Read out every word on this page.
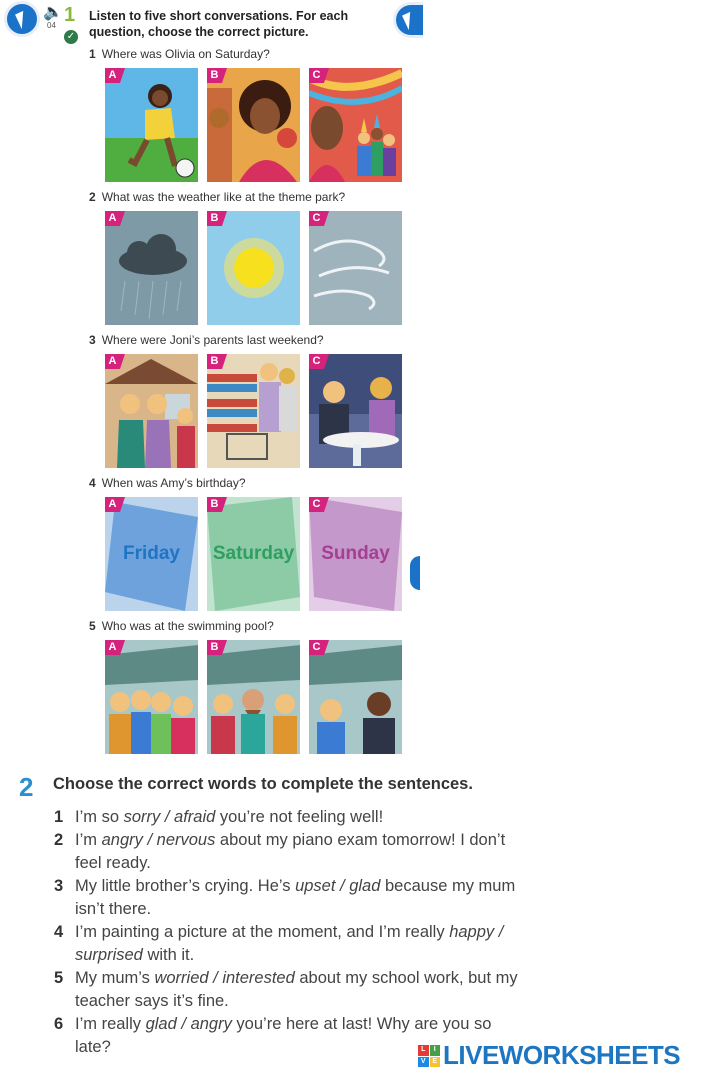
🔈
04 1
✓
Listen to five short conversations. For each
question, choose the correct picture.
1 Where was Olivia on Saturday?
2 What was the weather like at the theme park?
3 Where were Joni’s parents last weekend?
4 When was Amy’s birthday?
5 Who was at the swimming pool?
A	B	C
A	B	C
A	B	C
A
Friday
B
Saturday
C
Sunday
A	B	C
2 Choose the correct words to complete the sentences.
1 I’m so sorry / afraid you’re not feeling well!
2 I’m angry / nervous about my piano exam tomorrow! I don’t feel ready.
3 My little brother’s crying. He’s upset / glad because my mum isn’t there.
4 I’m painting a picture at the moment, and I’m really happy / surprised with it.
5 My mum’s worried / interested about my school work, but my teacher says it’s fine.
6 I’m really glad / angry you’re here at last! Why are you so late?	L	I
V E LIVEWORKSHEETS
